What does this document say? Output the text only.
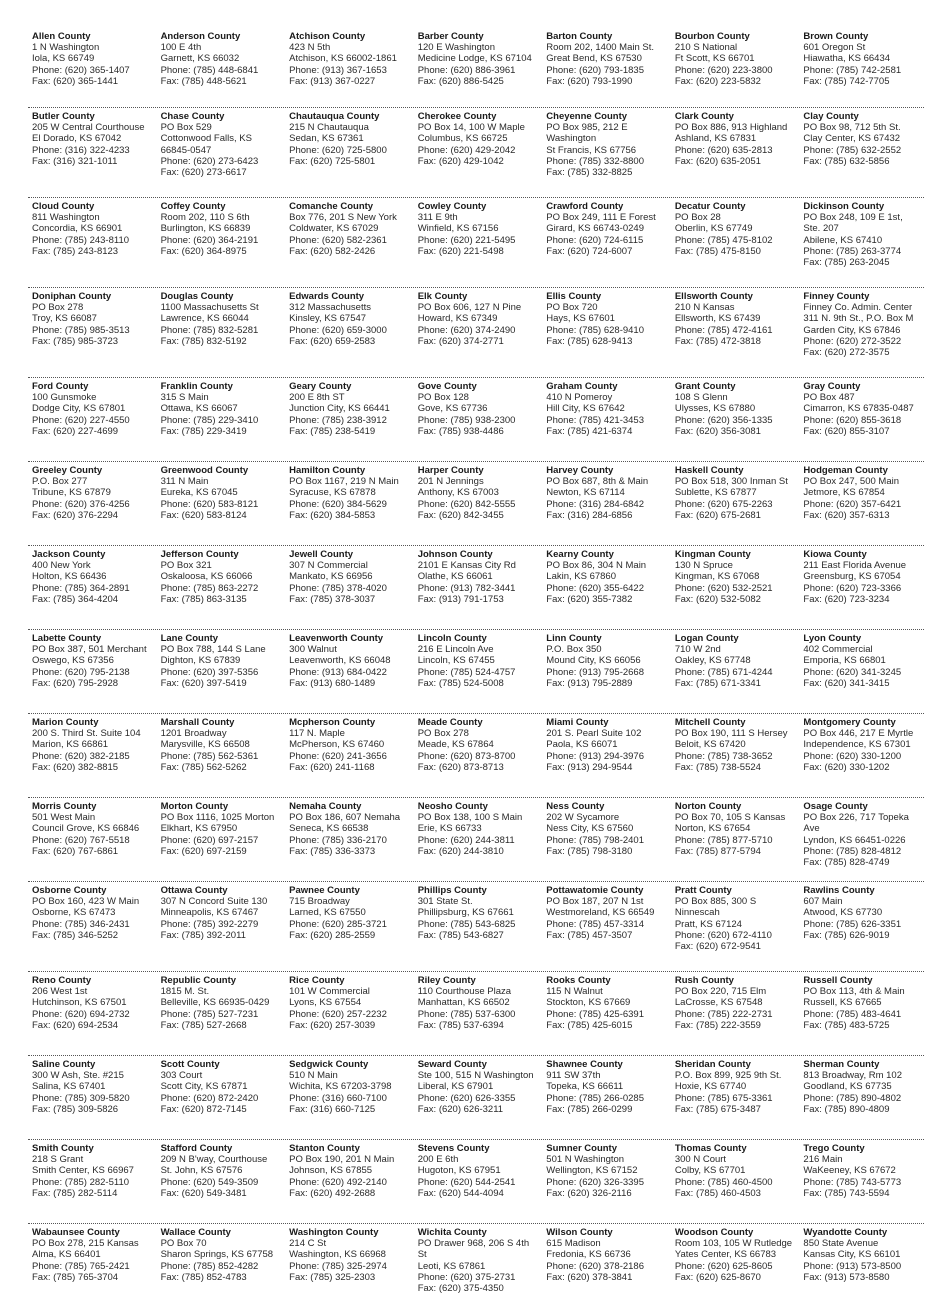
Allen County
1 N Washington
Iola, KS 66749
Phone: (620) 365-1407
Fax: (620) 365-1441
Anderson County
100 E 4th
Garnett, KS 66032
Phone: (785) 448-6841
Fax: (785) 448-5621
Atchison County
423 N 5th
Atchison, KS 66002-1861
Phone: (913) 367-1653
Fax: (913) 367-0227
Barber County
120 E Washington
Medicine Lodge, KS 67104
Phone: (620) 886-3961
Fax: (620) 886-5425
Barton County
Room 202, 1400 Main St.
Great Bend, KS 67530
Phone: (620) 793-1835
Fax: (620) 793-1990
Bourbon County
210 S National
Ft Scott, KS 66701
Phone: (620) 223-3800
Fax: (620) 223-5832
Brown County
601 Oregon St
Hiawatha, KS 66434
Phone: (785) 742-2581
Fax: (785) 742-7705
Butler County
205 W Central Courthouse
El Dorado, KS 67042
Phone: (316) 322-4233
Fax: (316) 321-1011
Chase County
PO Box 529
Cottonwood Falls, KS
66845-0547
Phone: (620) 273-6423
Fax: (620) 273-6617
Chautauqua County
215 N Chautauqua
Sedan, KS 67361
Phone: (620) 725-5800
Fax: (620) 725-5801
Cherokee County
PO Box 14, 100 W Maple
Columbus, KS 66725
Phone: (620) 429-2042
Fax: (620) 429-1042
Cheyenne County
PO Box 985, 212 E
Washington
St Francis, KS 67756
Phone: (785) 332-8800
Fax: (785) 332-8825
Clark County
PO Box 886, 913 Highland
Ashland, KS 67831
Phone: (620) 635-2813
Fax: (620) 635-2051
Clay County
PO Box 98, 712 5th St.
Clay Center, KS 67432
Phone: (785) 632-2552
Fax: (785) 632-5856
Cloud County
811 Washington
Concordia, KS 66901
Phone: (785) 243-8110
Fax: (785) 243-8123
Coffey County
Room 202, 110 S 6th
Burlington, KS 66839
Phone: (620) 364-2191
Fax: (620) 364-8975
Comanche County
Box 776, 201 S New York
Coldwater, KS 67029
Phone: (620) 582-2361
Fax: (620) 582-2426
Cowley County
311 E 9th
Winfield, KS 67156
Phone: (620) 221-5495
Fax: (620) 221-5498
Crawford County
PO Box 249, 111 E Forest
Girard, KS 66743-0249
Phone: (620) 724-6115
Fax: (620) 724-6007
Decatur County
PO Box 28
Oberlin, KS 67749
Phone: (785) 475-8102
Fax: (785) 475-8150
Dickinson County
PO Box 248, 109 E 1st,
Ste. 207
Abilene, KS 67410
Phone: (785) 263-3774
Fax: (785) 263-2045
Doniphan County
PO Box 278
Troy, KS 66087
Phone: (785) 985-3513
Fax: (785) 985-3723
Douglas County
1100 Massachusetts St
Lawrence, KS 66044
Phone: (785) 832-5281
Fax: (785) 832-5192
Edwards County
312 Massachusetts
Kinsley, KS 67547
Phone: (620) 659-3000
Fax: (620) 659-2583
Elk County
PO Box 606, 127 N Pine
Howard, KS 67349
Phone: (620) 374-2490
Fax: (620) 374-2771
Ellis County
PO Box 720
Hays, KS 67601
Phone: (785) 628-9410
Fax: (785) 628-9413
Ellsworth County
210 N Kansas
Ellsworth, KS 67439
Phone: (785) 472-4161
Fax: (785) 472-3818
Finney County
Finney Co. Admin. Center
311 N. 9th St., P.O. Box M
Garden City, KS 67846
Phone: (620) 272-3522
Fax: (620) 272-3575
Ford County
100 Gunsmoke
Dodge City, KS 67801
Phone: (620) 227-4550
Fax: (620) 227-4699
Franklin County
315 S Main
Ottawa, KS 66067
Phone: (785) 229-3410
Fax: (785) 229-3419
Geary County
200 E 8th ST
Junction City, KS 66441
Phone: (785) 238-3912
Fax: (785) 238-5419
Gove County
PO Box 128
Gove, KS 67736
Phone: (785) 938-2300
Fax: (785) 938-4486
Graham County
410 N Pomeroy
Hill City, KS 67642
Phone: (785) 421-3453
Fax: (785) 421-6374
Grant County
108 S Glenn
Ulysses, KS 67880
Phone: (620) 356-1335
Fax: (620) 356-3081
Gray County
PO Box 487
Cimarron, KS 67835-0487
Phone: (620) 855-3618
Fax: (620) 855-3107
Greeley County
P.O. Box 277
Tribune, KS 67879
Phone: (620) 376-4256
Fax: (620) 376-2294
Greenwood County
311 N Main
Eureka, KS 67045
Phone: (620) 583-8121
Fax: (620) 583-8124
Hamilton County
PO Box 1167, 219 N Main
Syracuse, KS 67878
Phone: (620) 384-5629
Fax: (620) 384-5853
Harper County
201 N Jennings
Anthony, KS 67003
Phone: (620) 842-5555
Fax: (620) 842-3455
Harvey County
PO Box 687, 8th & Main
Newton, KS 67114
Phone: (316) 284-6842
Fax: (316) 284-6856
Haskell County
PO Box 518, 300 Inman St
Sublette, KS 67877
Phone: (620) 675-2263
Fax: (620) 675-2681
Hodgeman County
PO Box 247, 500 Main
Jetmore, KS 67854
Phone: (620) 357-6421
Fax: (620) 357-6313
Jackson County
400 New York
Holton, KS 66436
Phone: (785) 364-2891
Fax: (785) 364-4204
Jefferson County
PO Box 321
Oskaloosa, KS 66066
Phone: (785) 863-2272
Fax: (785) 863-3135
Jewell County
307 N Commercial
Mankato, KS 66956
Phone: (785) 378-4020
Fax: (785) 378-3037
Johnson County
2101 E Kansas City Rd
Olathe, KS 66061
Phone: (913) 782-3441
Fax: (913) 791-1753
Kearny County
PO Box 86, 304 N Main
Lakin, KS 67860
Phone: (620) 355-6422
Fax: (620) 355-7382
Kingman County
130 N Spruce
Kingman, KS 67068
Phone: (620) 532-2521
Fax: (620) 532-5082
Kiowa County
211 East Florida Avenue
Greensburg, KS 67054
Phone: (620) 723-3366
Fax: (620) 723-3234
Labette County
PO Box 387, 501 Merchant
Oswego, KS 67356
Phone: (620) 795-2138
Fax: (620) 795-2928
Lane County
PO Box 788, 144 S Lane
Dighton, KS 67839
Phone: (620) 397-5356
Fax: (620) 397-5419
Leavenworth County
300 Walnut
Leavenworth, KS 66048
Phone: (913) 684-0422
Fax: (913) 680-1489
Lincoln County
216 E Lincoln Ave
Lincoln, KS 67455
Phone: (785) 524-4757
Fax: (785) 524-5008
Linn County
P.O. Box 350
Mound City, KS 66056
Phone: (913) 795-2668
Fax: (913) 795-2889
Logan County
710 W 2nd
Oakley, KS 67748
Phone: (785) 671-4244
Fax: (785) 671-3341
Lyon County
402 Commercial
Emporia, KS 66801
Phone: (620) 341-3245
Fax: (620) 341-3415
Marion County
200 S. Third St. Suite 104
Marion, KS 66861
Phone: (620) 382-2185
Fax: (620) 382-8815
Marshall County
1201 Broadway
Marysville, KS 66508
Phone: (785) 562-5361
Fax: (785) 562-5262
Mcpherson County
117 N. Maple
McPherson, KS 67460
Phone: (620) 241-3656
Fax: (620) 241-1168
Meade County
PO Box 278
Meade, KS 67864
Phone: (620) 873-8700
Fax: (620) 873-8713
Miami County
201 S. Pearl Suite 102
Paola, KS 66071
Phone: (913) 294-3976
Fax: (913) 294-9544
Mitchell County
PO Box 190, 111 S Hersey
Beloit, KS 67420
Phone: (785) 738-3652
Fax: (785) 738-5524
Montgomery County
PO Box 446, 217 E Myrtle
Independence, KS 67301
Phone: (620) 330-1200
Fax: (620) 330-1202
Morris County
501 West Main
Council Grove, KS 66846
Phone: (620) 767-5518
Fax: (620) 767-6861
Morton County
PO Box 1116, 1025 Morton
Elkhart, KS 67950
Phone: (620) 697-2157
Fax: (620) 697-2159
Nemaha County
PO Box 186, 607 Nemaha
Seneca, KS 66538
Phone: (785) 336-2170
Fax: (785) 336-3373
Neosho County
PO Box 138, 100 S Main
Erie, KS 66733
Phone: (620) 244-3811
Fax: (620) 244-3810
Ness County
202 W Sycamore
Ness City, KS 67560
Phone: (785) 798-2401
Fax: (785) 798-3180
Norton County
PO Box 70, 105 S Kansas
Norton, KS 67654
Phone: (785) 877-5710
Fax: (785) 877-5794
Osage County
PO Box 226, 717 Topeka Ave
Lyndon, KS 66451-0226
Phone: (785) 828-4812
Fax: (785) 828-4749
Osborne County
PO Box 160, 423 W Main
Osborne, KS 67473
Phone: (785) 346-2431
Fax: (785) 346-5252
Ottawa County
307 N Concord Suite 130
Minneapolis, KS 67467
Phone: (785) 392-2279
Fax: (785) 392-2011
Pawnee County
715 Broadway
Larned, KS 67550
Phone: (620) 285-3721
Fax: (620) 285-2559
Phillips County
301 State St.
Phillipsburg, KS 67661
Phone: (785) 543-6825
Fax: (785) 543-6827
Pottawatomie County
PO Box 187, 207 N 1st
Westmoreland, KS 66549
Phone: (785) 457-3314
Fax: (785) 457-3507
Pratt County
PO Box 885, 300 S
Ninnescah
Pratt, KS 67124
Phone: (620) 672-4110
Fax: (620) 672-9541
Rawlins County
607 Main
Atwood, KS 67730
Phone: (785) 626-3351
Fax: (785) 626-9019
Reno County
206 West 1st
Hutchinson, KS 67501
Phone: (620) 694-2732
Fax: (620) 694-2534
Republic County
1815 M. St.
Belleville, KS 66935-0429
Phone: (785) 527-7231
Fax: (785) 527-2668
Rice County
101 W Commercial
Lyons, KS 67554
Phone: (620) 257-2232
Fax: (620) 257-3039
Riley County
110 Courthouse Plaza
Manhattan, KS 66502
Phone: (785) 537-6300
Fax: (785) 537-6394
Rooks County
115 N Walnut
Stockton, KS 67669
Phone: (785) 425-6391
Fax: (785) 425-6015
Rush County
PO Box 220, 715 Elm
LaCrosse, KS 67548
Phone: (785) 222-2731
Fax: (785) 222-3559
Russell County
PO Box 113, 4th & Main
Russell, KS 67665
Phone: (785) 483-4641
Fax: (785) 483-5725
Saline County
300 W Ash, Ste. #215
Salina, KS 67401
Phone: (785) 309-5820
Fax: (785) 309-5826
Scott County
303 Court
Scott City, KS 67871
Phone: (620) 872-2420
Fax: (620) 872-7145
Sedgwick County
510 N Main
Wichita, KS 67203-3798
Phone: (316) 660-7100
Fax: (316) 660-7125
Seward County
Ste 100, 515 N Washington
Liberal, KS 67901
Phone: (620) 626-3355
Fax: (620) 626-3211
Shawnee County
911 SW 37th
Topeka, KS 66611
Phone: (785) 266-0285
Fax: (785) 266-0299
Sheridan County
P.O. Box 899, 925 9th St.
Hoxie, KS 67740
Phone: (785) 675-3361
Fax: (785) 675-3487
Sherman County
813 Broadway, Rm 102
Goodland, KS 67735
Phone: (785) 890-4802
Fax: (785) 890-4809
Smith County
218 S Grant
Smith Center, KS 66967
Phone: (785) 282-5110
Fax: (785) 282-5114
Stafford County
209 N B'way, Courthouse
St. John, KS 67576
Phone: (620) 549-3509
Fax: (620) 549-3481
Stanton County
PO Box 190, 201 N Main
Johnson, KS 67855
Phone: (620) 492-2140
Fax: (620) 492-2688
Stevens County
200 E 6th
Hugoton, KS 67951
Phone: (620) 544-2541
Fax: (620) 544-4094
Sumner County
501 N Washington
Wellington, KS 67152
Phone: (620) 326-3395
Fax: (620) 326-2116
Thomas County
300 N Court
Colby, KS 67701
Phone: (785) 460-4500
Fax: (785) 460-4503
Trego County
216 Main
WaKeeney, KS 67672
Phone: (785) 743-5773
Fax: (785) 743-5594
Wabaunsee County
PO Box 278, 215 Kansas
Alma, KS 66401
Phone: (785) 765-2421
Fax: (785) 765-3704
Wallace County
PO Box 70
Sharon Springs, KS 67758
Phone: (785) 852-4282
Fax: (785) 852-4783
Washington County
214 C St
Washington, KS 66968
Phone: (785) 325-2974
Fax: (785) 325-2303
Wichita County
PO Drawer 968, 206 S 4th St
Leoti, KS 67861
Phone: (620) 375-2731
Fax: (620) 375-4350
Wilson County
615 Madison
Fredonia, KS 66736
Phone: (620) 378-2186
Fax: (620) 378-3841
Woodson County
Room 103, 105 W Rutledge
Yates Center, KS 66783
Phone: (620) 625-8605
Fax: (620) 625-8670
Wyandotte County
850 State Avenue
Kansas City, KS 66101
Phone: (913) 573-8500
Fax: (913) 573-8580
